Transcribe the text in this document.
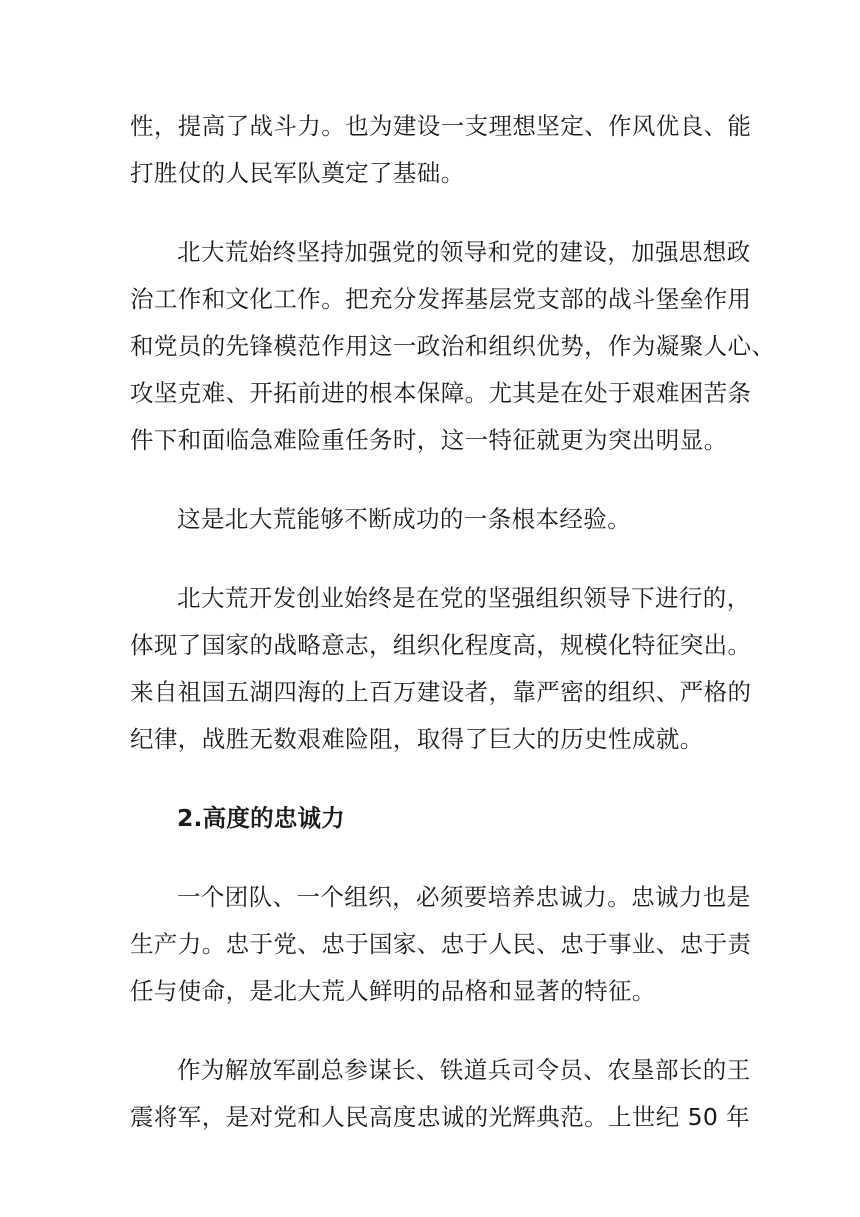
性，提高了战斗力。也为建设一支理想坚定、作风优良、能
打胜仗的人民军队奠定了基础。

北大荒始终坚持加强党的领导和党的建设，加强思想政
治工作和文化工作。把充分发挥基层党支部的战斗堡垒作用
和党员的先锋模范作用这一政治和组织优势，作为凝聚人心、
攻坚克难、开拓前进的根本保障。尤其是在处于艰难困苦条
件下和面临急难险重任务时，这一特征就更为突出明显。

这是北大荒能够不断成功的一条根本经验。

北大荒开发创业始终是在党的坚强组织领导下进行的，
体现了国家的战略意志，组织化程度高，规模化特征突出。
来自祖国五湖四海的上百万建设者，靠严密的组织、严格的
纪律，战胜无数艰难险阻，取得了巨大的历史性成就。

2.高度的忠诚力

一个团队、一个组织，必须要培养忠诚力。忠诚力也是
生产力。忠于党、忠于国家、忠于人民、忠于事业、忠于责
任与使命，是北大荒人鲜明的品格和显著的特征。

作为解放军副总参谋长、铁道兵司令员、农垦部长的王
震将军，是对党和人民高度忠诚的光辉典范。上世纪 50 年
